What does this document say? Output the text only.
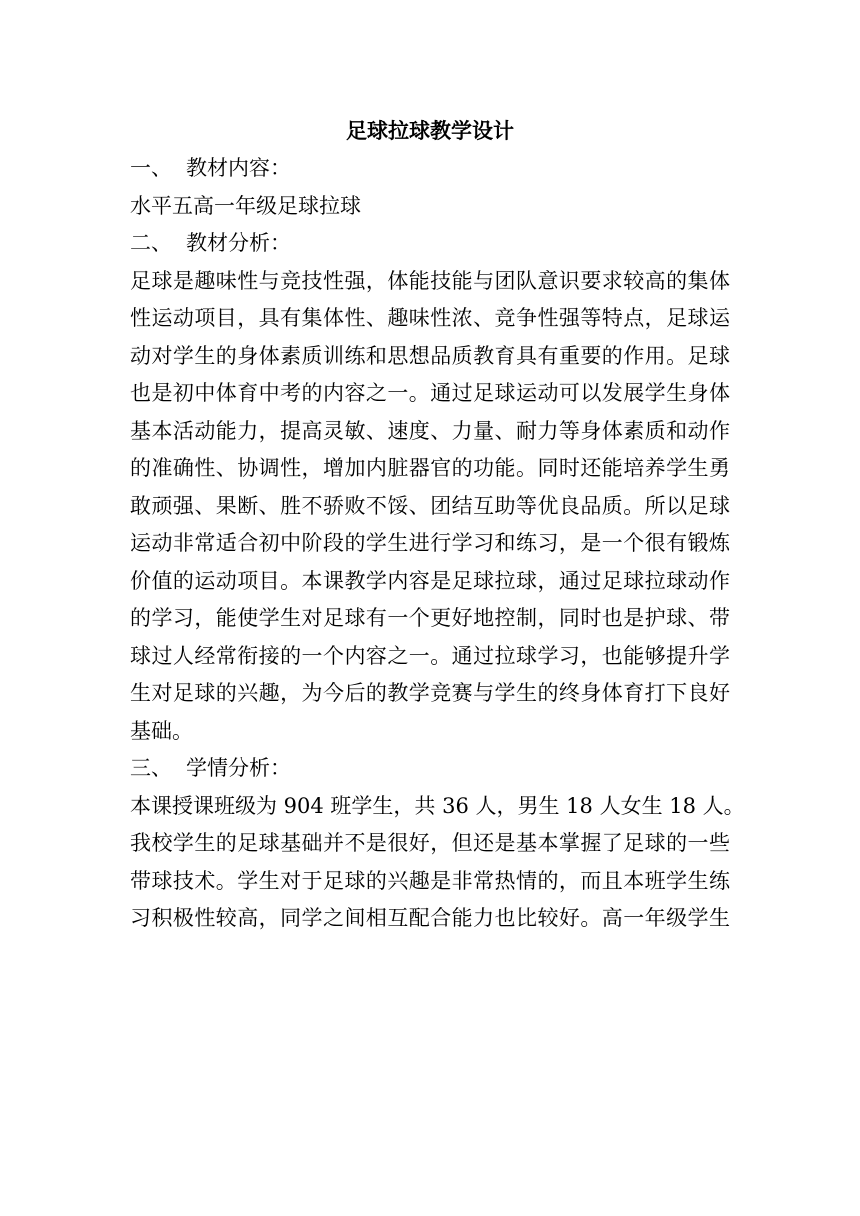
足球拉球教学设计
一、 教材内容：
水平五高一年级足球拉球
二、 教材分析：
足球是趣味性与竞技性强，体能技能与团队意识要求较高的集体
性运动项目，具有集体性、趣味性浓、竞争性强等特点，足球运
动对学生的身体素质训练和思想品质教育具有重要的作用。足球
也是初中体育中考的内容之一。通过足球运动可以发展学生身体
基本活动能力，提高灵敏、速度、力量、耐力等身体素质和动作
的准确性、协调性，增加内脏器官的功能。同时还能培养学生勇
敢顽强、果断、胜不骄败不馁、团结互助等优良品质。所以足球
运动非常适合初中阶段的学生进行学习和练习，是一个很有锻炼
价值的运动项目。本课教学内容是足球拉球，通过足球拉球动作
的学习，能使学生对足球有一个更好地控制，同时也是护球、带
球过人经常衔接的一个内容之一。通过拉球学习，也能够提升学
生对足球的兴趣，为今后的教学竞赛与学生的终身体育打下良好
基础。
三、 学情分析：
本课授课班级为 904 班学生，共 36 人，男生 18 人女生 18 人。
我校学生的足球基础并不是很好，但还是基本掌握了足球的一些
带球技术。学生对于足球的兴趣是非常热情的，而且本班学生练
习积极性较高，同学之间相互配合能力也比较好。高一年级学生
